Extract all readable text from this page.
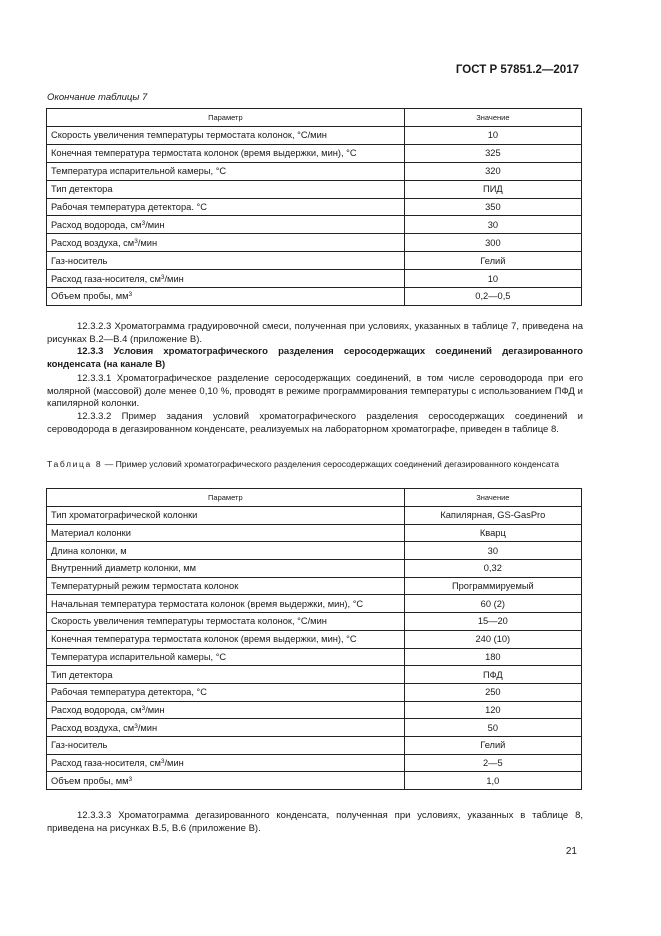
ГОСТ Р 57851.2—2017
Окончание таблицы 7
Параметр	Значение
Скорость увеличения температуры термостата колонок, °С/мин	10
Конечная температура термостата колонок (время выдержки, мин), °С	325
Температура испарительной камеры, °С	320
Тип детектора	ПИД
Рабочая температура детектора. °С	350
Расход водорода, $см^3$/мин	30
Расход воздуха, $см^3$/мин	300
Газ-носитель	Гелий
Расход газа-носителя, $см^3$/мин	10
Объем пробы, $мм^3$	0,2—0,5

12.3.2.3 Хроматограмма градуировочной смеси, полученная при условиях, указанных в таблице 7, приведена на рисунках В.2—В.4 (приложение В).

12.3.3 Условия хроматографического разделения серосодержащих соединений дегазированного конденсата (на канале В)

12.3.3.1 Хроматографическое разделение серосодержащих соединений, в том числе сероводорода при его молярной (массовой) доле менее 0,10 %, проводят в режиме программирования температуры с использованием ПФД и капилярной колонки.

12.3.3.2 Пример задания условий хроматографического разделения серосодержащих соединений и сероводорода в дегазированном конденсате, реализуемых на лабораторном хроматографе, приведен в таблице 8.

Таблица 8 — Пример условий хроматографического разделения серосодержащих соединений дегазированного конденсата

Параметр	Значение
Тип хроматографической колонки	Капилярная, GS-GasPro
Материал колонки	Кварц
Длина колонки, м	30
Внутренний диаметр колонки, мм	0,32
Температурный режим термостата колонок	Программируемый
Начальная температура термостата колонок (время выдержки, мин), °С	60 (2)
Скорость увеличения температуры термостата колонок, °С/мин	15—20
Конечная температура термостата колонок (время выдержки, мин), °С	240 (10)
Температура испарительной камеры, °С	180
Тип детектора	ПФД
Рабочая температура детектора, °С	250
Расход водорода, $см^3$/мин	120
Расход воздуха, $см^3$/мин	50
Газ-носитель	Гелий
Расход газа-носителя, $см^3$/мин	2—5
Объем пробы, $мм^3$	1,0

12.3.3.3 Хроматограмма дегазированного конденсата, полученная при условиях, указанных в таблице 8, приведена на рисунках В.5, В.6 (приложение В).

21
